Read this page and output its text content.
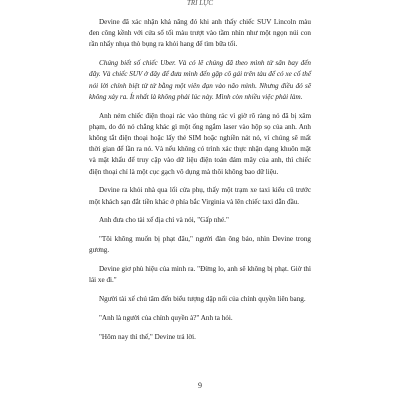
TRÍ LỰC

Devine đã xác nhận khả năng đó khi anh thấy chiếc SUV Lincoln màu đen công kềnh với cửa sổ tối màu trượt vào tầm nhìn như một ngọn núi con rần nhẩy nhụa thò bụng ra khỏi hang để tìm bữa tối.

Chúng biết số chiếc Uber. Và có lẽ chúng đã theo mình từ sân bay đến đây. Và chiếc SUV ở đây để đưa mình đến gặp cô gái trên tàu để có xe cố thể nói lời chính biệt từ tử bằng một viên đạn vào não mình. Nhưng điều đó sẽ không xảy ra. Ít nhất là không phải lúc này. Mình còn nhiều việc phải làm.

Anh ném chiếc điện thoại rác vào thùng rác vì giờ rõ ràng nó đã bị xâm phạm, do đó nó chẳng khác gì một ống ngắm laser vào hộp sọ của anh. Anh không tắt điện thoại hoặc lấy thẻ SIM hoặc nghiền nát nó, vì chúng sẽ mất thời gian để lần ra nó. Và nếu không có trình xác thực nhận dạng khuôn mặt và mật khẩu để truy cập vào dữ liệu điện toán đám mây của anh, thì chiếc điện thoại chỉ là một cục gạch vô dụng mà thôi không bao dữ liệu.

Devine ra khỏi nhà qua lối cửa phụ, thấy một trạm xe taxi kiểu cũ trước một khách sạn đắt tiền khác ở phía bắc Virginia và lên chiếc taxi dẫn đầu.

Anh đưa cho tài xế địa chỉ và nói, "Gấp nhé."

"Tôi không muốn bị phạt đâu," người đàn ông báo, nhìn Devine trong gương.

Devine giơ phù hiệu của mình ra. "Đừng lo, anh sẽ không bị phạt. Giờ thì lái xe đi."

Người tài xế chú tâm đến biểu tượng dập nổi của chính quyền liên bang.

"Anh là người của chính quyền à?" Anh ta hỏi.

"Hôm nay thì thế," Devine trả lời.

9
